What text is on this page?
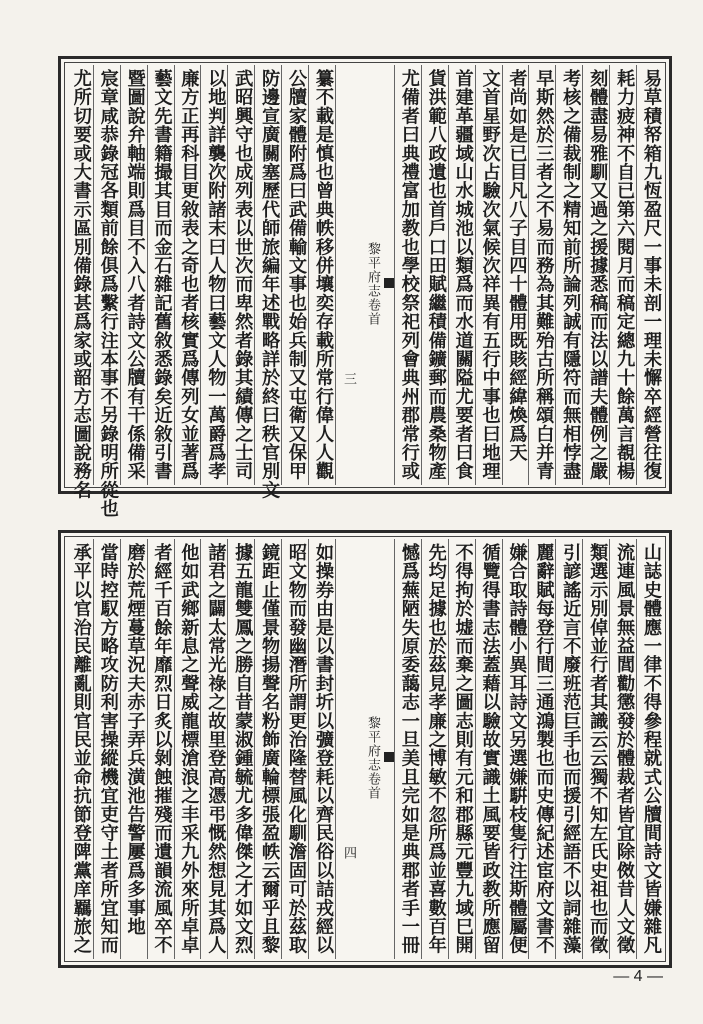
易草積帑箱九恆盈尺一事未剖一理未懈卒經營往復
耗力疲神不自已第六閱月而稿定總九十餘萬言覩楊
刻體盡易雅馴又過之援據悉稿而法以譜夫體例之嚴
考核之備裁制之精知前所論列誠有隱符而無相悖盡
早斯然於三者之不易而務為其難殆古所稱頌白并青
者尚如是已目凡八子目四十體用既賅經緯煥爲天
文首星野次占驗次氣候次祥異有五行中事也曰地理
首建革疆域山水城池以類爲而水道關隘尤要者曰食
貨洪範八政遺也首戶口田賦繼積備鑛郵而農桑物產
尤備者曰典禮富加教也學校祭祀列會典州郡常行或
黎平府志卷首
三
纂不載是慎也曾典帙移併壤奕存載所常行偉人人觀
公牘家體附爲曰武備輸文事也始兵制又屯衛又保甲
防邊宣廣關塞歷代師旅編年述戰略詳於終曰秩官別文
武昭興守也成列表以世次而卑然者錄其績傳之士司
以地判詳襲次附諸末曰人物曰藝文人物一萬爵爲孝
廉方正再科目更敘表之奇也者核實爲傳列女並著爲
藝文先書籍撮其目而金石雜記舊敘悉錄矣近敘引書
暨圖說弁軸端則爲目不入八者詩文公牘有干係備采
宸章咸恭錄冠各類前餘俱爲繫行注本事不另錄明所從也
尤所切要或大書示區別備錄甚爲家或韶方志圖說務名
山誌史體應一律不得參程就式公牘間詩文皆嫌雜凡
流連風景無益閭勸懲發於體裁者皆宜除傚昔人文徵
類選示別倬並行者其識云云獨不知左氏史祖也而徵
引諺謠近言不廢班范巨手也而援引經語不以詞雜藻
麗辭賦每登行間三通鴻製也而史傳紀述宦府文書不
嫌合取詩體小異耳詩文另選嫌騈枝隻行注斯體屬便
循覽得書志法蓋藉以驗故實識土風要皆政教所應留
不得拘於墟而棄之圖志則有元和郡縣元豐九域巳開
先均足據也於茲見孝廉之博敏不忽所爲並喜數百年
憾爲蕪陋失原委藹志一旦美且完如是典郡者手一冊
黎平府志卷首
四
如操券由是以書封圻以彍登耗以齊民俗以詰戎經以
昭文物而發幽潛所謂更治隆替風化馴澹固可於茲取
鏡距止僅景物揚聲名粉飾廣輪標張盈帙云爾乎且黎
據五龍雙鳳之勝自昔蒙淑鍾毓尤多偉傑之才如文烈
諸君之闢太常光祿之故里登高憑弔慨然想見其爲人
他如武鄉新息之聲威龍標滄浪之丰采九外來所卓卓
者經千百餘年靡烈日炙以剝蝕摧殘而遺韻流風卒不
磨於荒煙蔓草況夫赤子弄兵潢池告警屢爲多事地
當時控馭方略攻防利害操縱機宜吏守土者所宜知而
承平以官治民離亂則官民並命抗節登陴黨庠羈旅之
— 4 —
